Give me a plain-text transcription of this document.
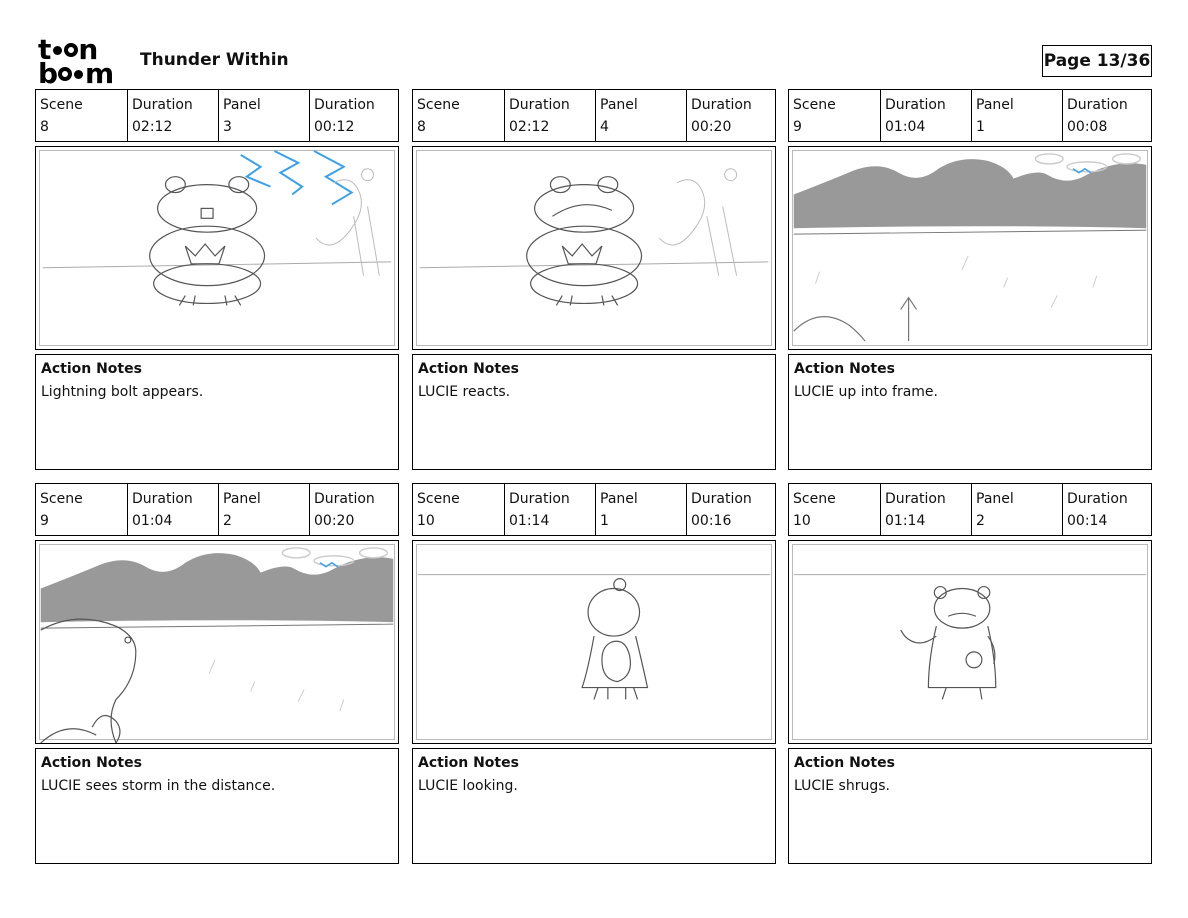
t n
b m Thunder Within	Page 13/36
Scene
8
Duration
02:12
Panel
3
Duration
00:12
Action Notes
Lightning bolt appears.
Scene
8
Duration
02:12
Panel
4
Duration
00:20
Action Notes
LUCIE reacts.
Scene
9
Duration
01:04
Panel
1
Duration
00:08
Action Notes
LUCIE up into frame.
Scene
9
Duration
01:04
Panel
2
Duration
00:20
Action Notes
LUCIE sees storm in the distance.
Scene
10
Duration
01:14
Panel
1
Duration
00:16
Action Notes
LUCIE looking.
Scene
10
Duration
01:14
Panel
2
Duration
00:14
Action Notes
LUCIE shrugs.
